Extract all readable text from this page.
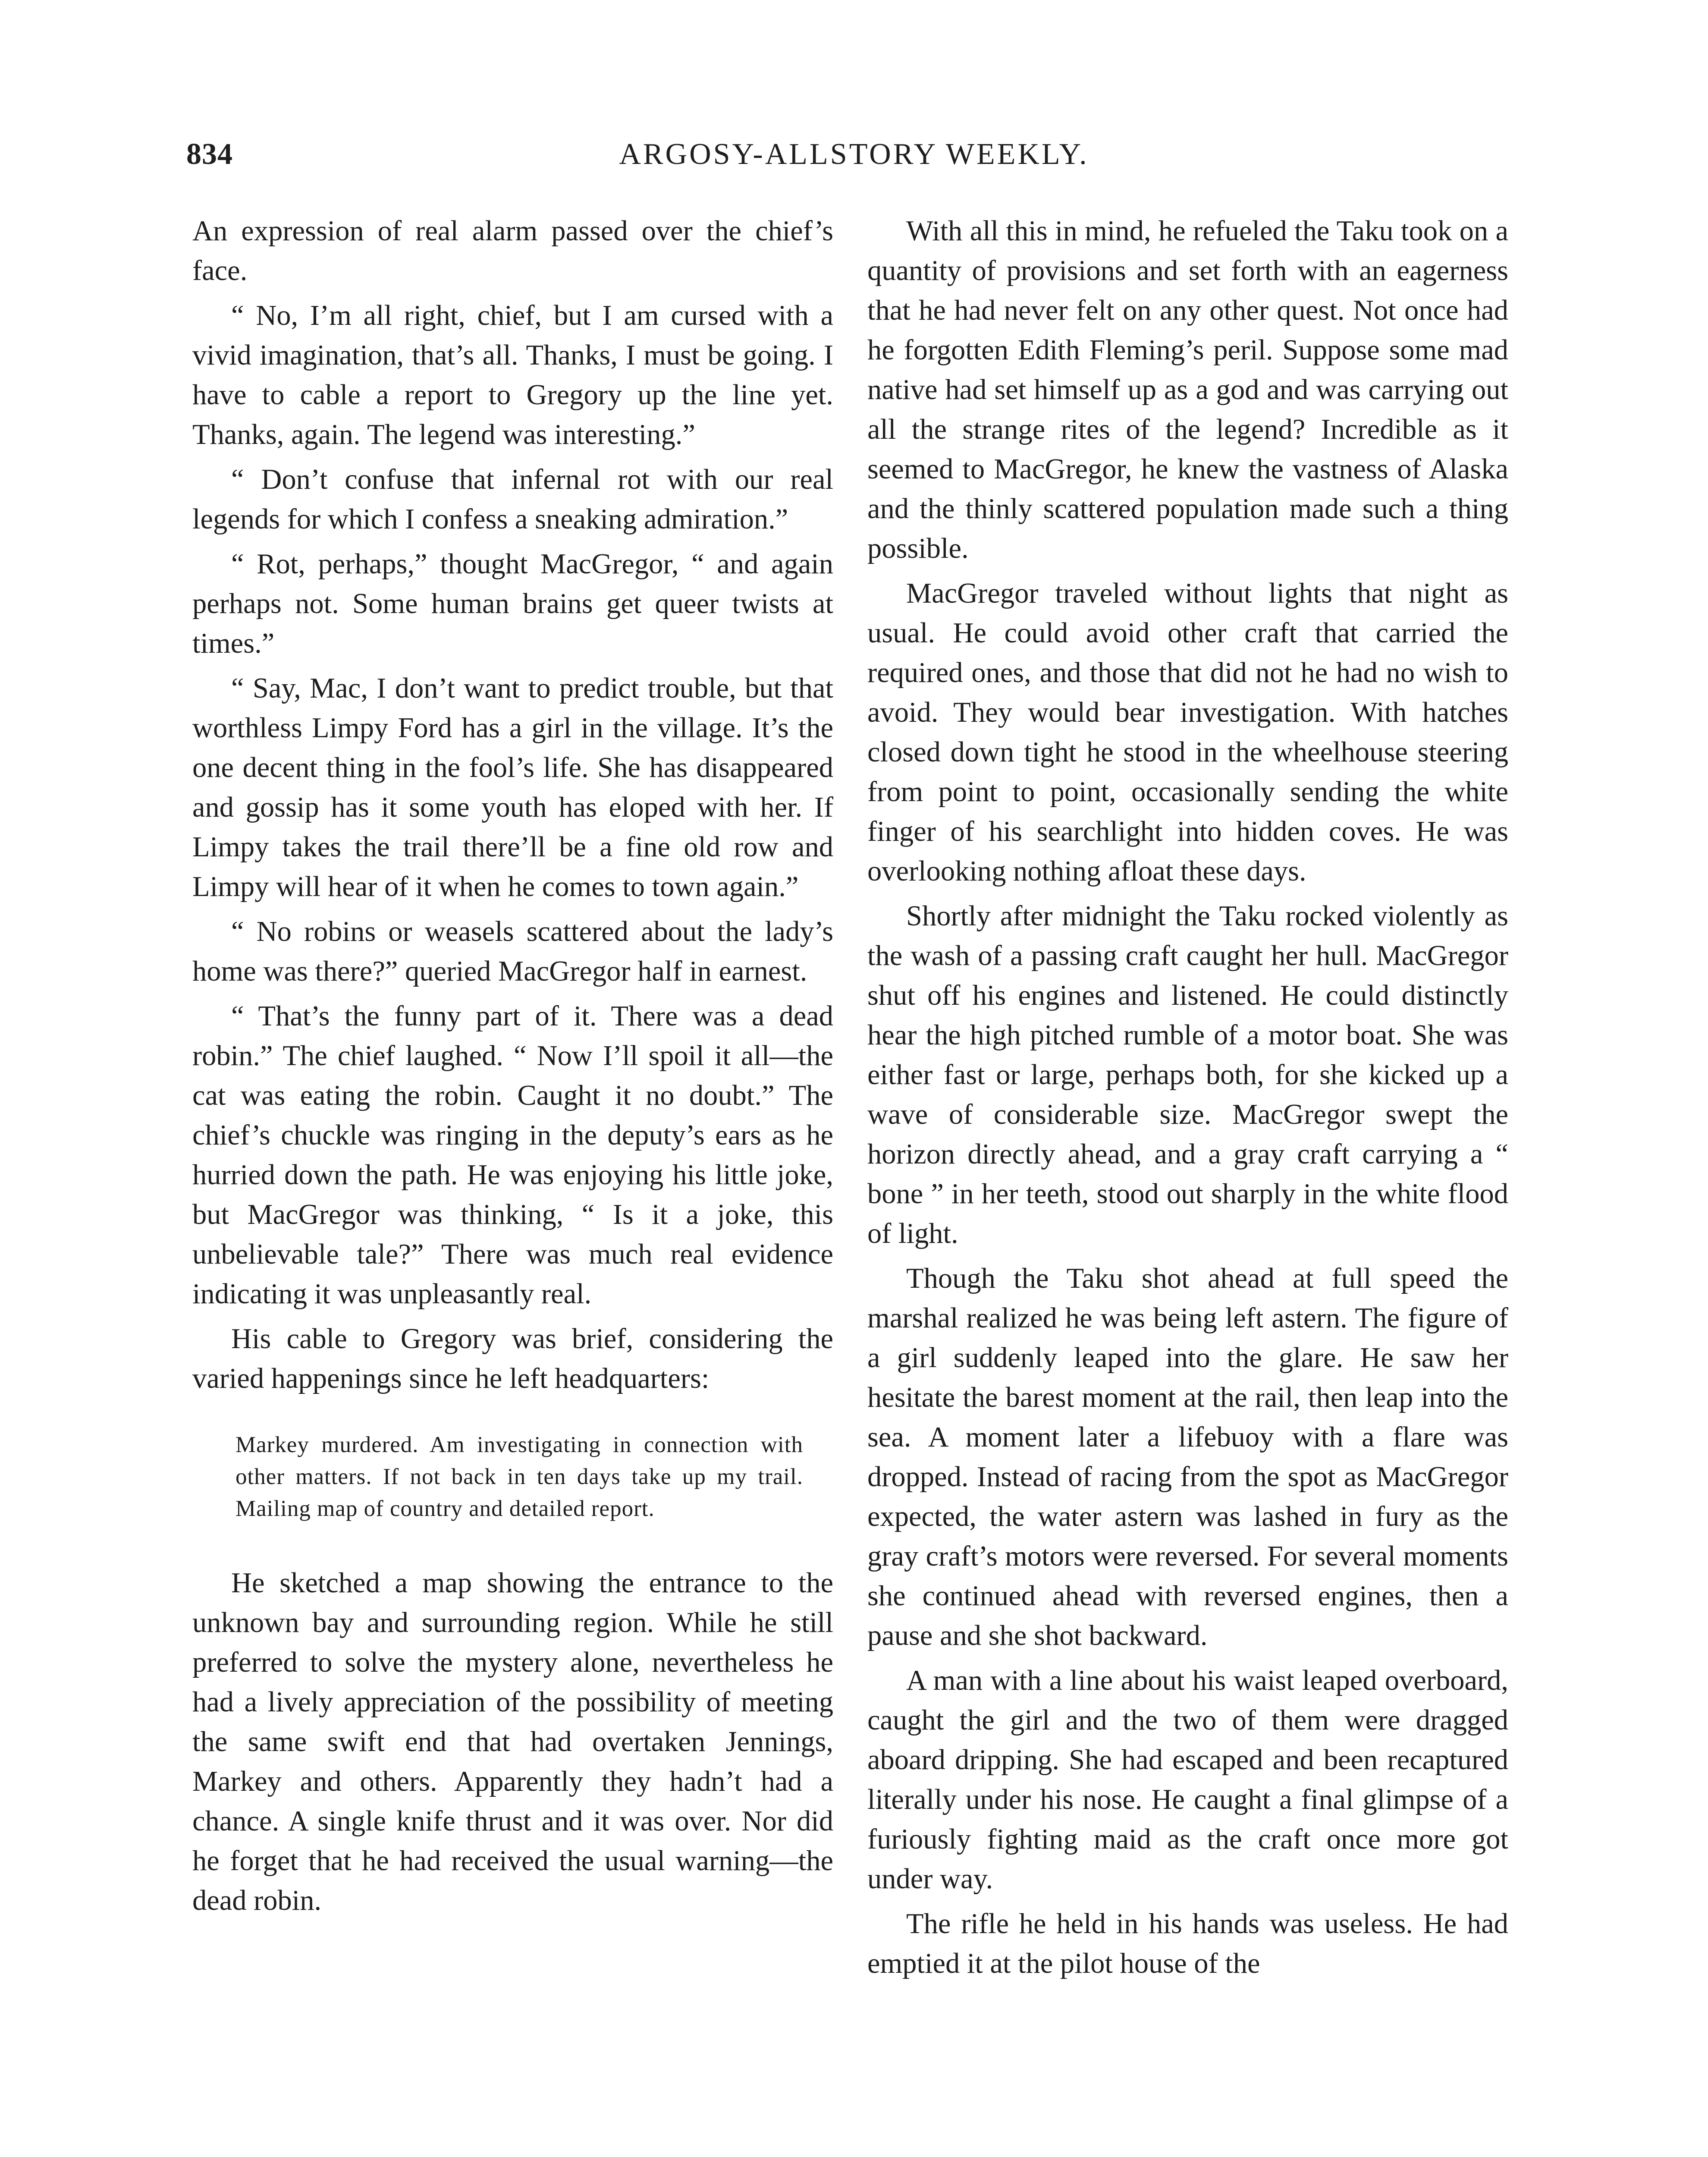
834	ARGOSY-ALLSTORY WEEKLY.

An expression of real alarm passed over the chief’s face.

“ No, I’m all right, chief, but I am cursed with a vivid imagination, that’s all. Thanks, I must be going. I have to cable a report to Gregory up the line yet. Thanks, again. The legend was interesting.”

“ Don’t confuse that infernal rot with our real legends for which I confess a sneaking admiration.”

“ Rot, perhaps,” thought MacGregor, “ and again perhaps not. Some human brains get queer twists at times.”

“ Say, Mac, I don’t want to predict trouble, but that worthless Limpy Ford has a girl in the village. It’s the one decent thing in the fool’s life. She has disappeared and gossip has it some youth has eloped with her. If Limpy takes the trail there’ll be a fine old row and Limpy will hear of it when he comes to town again.”

“ No robins or weasels scattered about the lady’s home was there?” queried MacGregor half in earnest.

“ That’s the funny part of it. There was a dead robin.” The chief laughed. “ Now I’ll spoil it all—the cat was eating the robin. Caught it no doubt.” The chief’s chuckle was ringing in the deputy’s ears as he hurried down the path. He was enjoying his little joke, but MacGregor was thinking, “ Is it a joke, this unbelievable tale?” There was much real evidence indicating it was unpleasantly real.

His cable to Gregory was brief, considering the varied happenings since he left headquarters:

Markey murdered. Am investigating in connection with other matters. If not back in ten days take up my trail. Mailing map of country and detailed report.

He sketched a map showing the entrance to the unknown bay and surrounding region. While he still preferred to solve the mystery alone, nevertheless he had a lively appreciation of the possibility of meeting the same swift end that had overtaken Jennings, Markey and others. Apparently they hadn’t had a chance. A single knife thrust and it was over. Nor did he forget that he had received the usual warning—the dead robin.

With all this in mind, he refueled the Taku took on a quantity of provisions and set forth with an eagerness that he had never felt on any other quest. Not once had he forgotten Edith Fleming’s peril. Suppose some mad native had set himself up as a god and was carrying out all the strange rites of the legend? Incredible as it seemed to MacGregor, he knew the vastness of Alaska and the thinly scattered population made such a thing possible.

MacGregor traveled without lights that night as usual. He could avoid other craft that carried the required ones, and those that did not he had no wish to avoid. They would bear investigation. With hatches closed down tight he stood in the wheelhouse steering from point to point, occasionally sending the white finger of his searchlight into hidden coves. He was overlooking nothing afloat these days.

Shortly after midnight the Taku rocked violently as the wash of a passing craft caught her hull. MacGregor shut off his engines and listened. He could distinctly hear the high pitched rumble of a motor boat. She was either fast or large, perhaps both, for she kicked up a wave of considerable size. MacGregor swept the horizon directly ahead, and a gray craft carrying a “ bone ” in her teeth, stood out sharply in the white flood of light.

Though the Taku shot ahead at full speed the marshal realized he was being left astern. The figure of a girl suddenly leaped into the glare. He saw her hesitate the barest moment at the rail, then leap into the sea. A moment later a lifebuoy with a flare was dropped. Instead of racing from the spot as MacGregor expected, the water astern was lashed in fury as the gray craft’s motors were reversed. For several moments she continued ahead with reversed engines, then a pause and she shot backward.

A man with a line about his waist leaped overboard, caught the girl and the two of them were dragged aboard dripping. She had escaped and been recaptured literally under his nose. He caught a final glimpse of a furiously fighting maid as the craft once more got under way.

The rifle he held in his hands was useless. He had emptied it at the pilot house of the
